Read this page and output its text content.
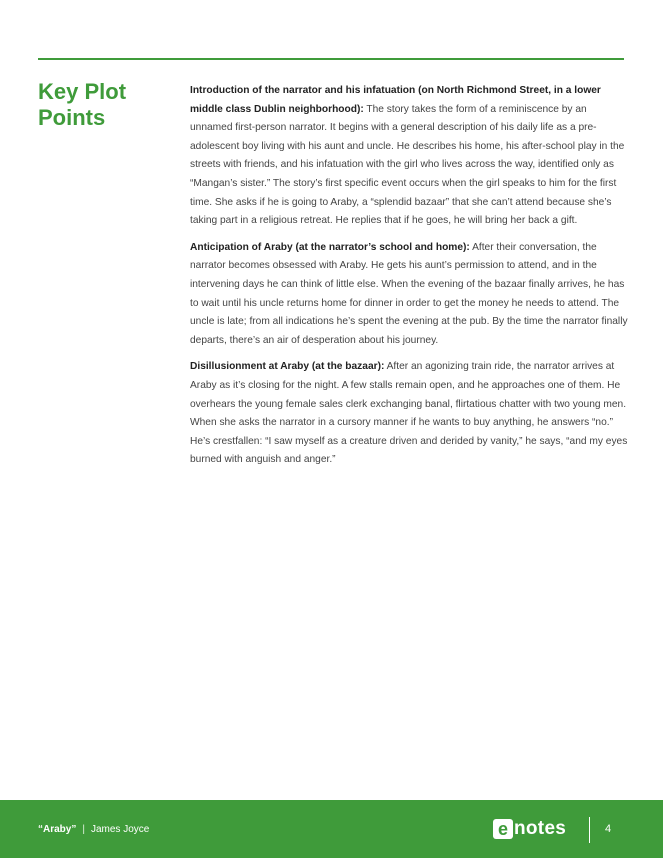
Key Plot
Points

Introduction of the narrator and his infatuation (on North Richmond Street, in a lower middle class Dublin neighborhood): The story takes the form of a reminiscence by an unnamed first-person narrator. It begins with a general description of his daily life as a pre-adolescent boy living with his aunt and uncle. He describes his home, his after-school play in the streets with friends, and his infatuation with the girl who lives across the way, identified only as “Mangan’s sister.” The story’s first specific event occurs when the girl speaks to him for the first time. She asks if he is going to Araby, a “splendid bazaar” that she can’t attend because she’s taking part in a religious retreat. He replies that if he goes, he will bring her back a gift.

Anticipation of Araby (at the narrator’s school and home): After their conversation, the narrator becomes obsessed with Araby. He gets his aunt’s permission to attend, and in the intervening days he can think of little else. When the evening of the bazaar finally arrives, he has to wait until his uncle returns home for dinner in order to get the money he needs to attend. The uncle is late; from all indications he’s spent the evening at the pub. By the time the narrator finally departs, there’s an air of desperation about his journey.

Disillusionment at Araby (at the bazaar): After an agonizing train ride, the narrator arrives at Araby as it’s closing for the night. A few stalls remain open, and he approaches one of them. He overhears the young female sales clerk exchanging banal, flirtatious chatter with two young men. When she asks the narrator in a cursory manner if he wants to buy anything, he answers “no.” He’s crestfallen: “I saw myself as a creature driven and derided by vanity,” he says, “and my eyes burned with anguish and anger.”

“Araby” | James Joyce	e notes	4
